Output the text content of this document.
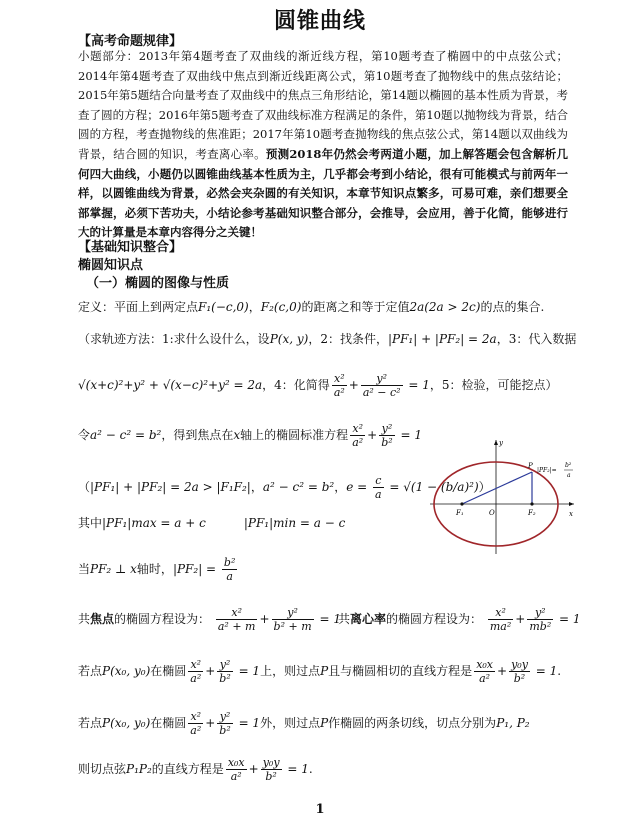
圆锥曲线
【高考命题规律】
小题部分：2013年第4题考查了双曲线的渐近线方程，第10题考查了椭圆中的中点弦公式；2014年第4题考查了双曲线中焦点到渐近线距离公式，第10题考查了抛物线中的焦点弦结论；2015年第5题结合向量考查了双曲线中的焦点三角形结论，第14题以椭圆的基本性质为背景，考查了圆的方程；2016年第5题考查了双曲线标准方程满足的条件，第10题以抛物线为背景，结合圆的方程，考查抛物线的焦准距；2017年第10题考查抛物线的焦点弦公式，第14题以双曲线为背景，结合圆的知识，考查离心率。预测2018年仍然会考两道小题，加上解答题会包含解析几何四大曲线，小题仍以圆锥曲线基本性质为主，几乎都会考到小结论，很有可能模式与前两年一样，以圆锥曲线为背景，必然会夹杂圆的有关知识，本章节知识点繁多，可易可难，亲们想要全部掌握，必须下苦功夫，小结论参考基础知识整合部分，会推导，会应用，善于化简，能够进行大的计算量是本章内容得分之关键！
【基础知识整合】
椭圆知识点
（一）椭圆的图像与性质
定义：平面上到两定点F₁(−c,0)，F₂(c,0)的距离之和等于定值2a(2a > 2c)的点的集合.
（求轨迹方法：1:求什么设什么，设P(x, y)，2：找条件，|PF₁| + |PF₂| = 2a，3：代入数据
√(x+c)²+y² + √(x−c)²+y² = 2a，4：化简得 $\frac{\text{x²}}{\text{a²}} + \frac{\text{y²}}{\text{a² − c²}} = 1$，5：检验，可能挖点）
令a² − c² = b²，得到焦点在x轴上的椭圆标准方程 $\frac{\text{x²}}{\text{a²}} + \frac{\text{y²}}{\text{b²}} = 1$
（|PF₁| + |PF₂| = 2a > |F₁F₂|，a² − c² = b²，$e = \frac{c}{a} = √(1 - (b/a)^2)$）
其中|PF₁|max = a + c	|PF₁|min = a − c
当PF₂ ⊥ x轴时，$|PF_2| = \frac{\text{b²}}{a}$
共焦点的椭圆方程设为： $\frac{\text{x²}}{\text{a² + m}} + \frac{\text{y²}}{\text{b² + m}} = 1$
共离心率的椭圆方程设为： $\frac{\text{x²}}{\text{ma²}} + \frac{\text{y²}}{\text{mb²}} = 1$
若点P(x₀, y₀)在椭圆 $\frac{\text{x²}}{\text{a²}} + \frac{\text{y²}}{\text{b²}} = 1$上，则过点P且与椭圆相切的直线方程是 $\frac{\text{x₀x}}{\text{a²}} + \frac{\text{y₀y}}{\text{b²}} = 1$.
若点P(x₀, y₀)在椭圆 $\frac{\text{x²}}{\text{a²}} + \frac{\text{y²}}{\text{b²}} = 1$外，则过点P作椭圆的两条切线，切点分别为P₁, P₂
则切点弦P₁P₂的直线方程是 $\frac{\text{x₀x}}{\text{a²}} + \frac{\text{y₀y}}{\text{b²}} = 1$.
x
y
P
F₁	F₂
O
|PF₂|=
b²
a
1
